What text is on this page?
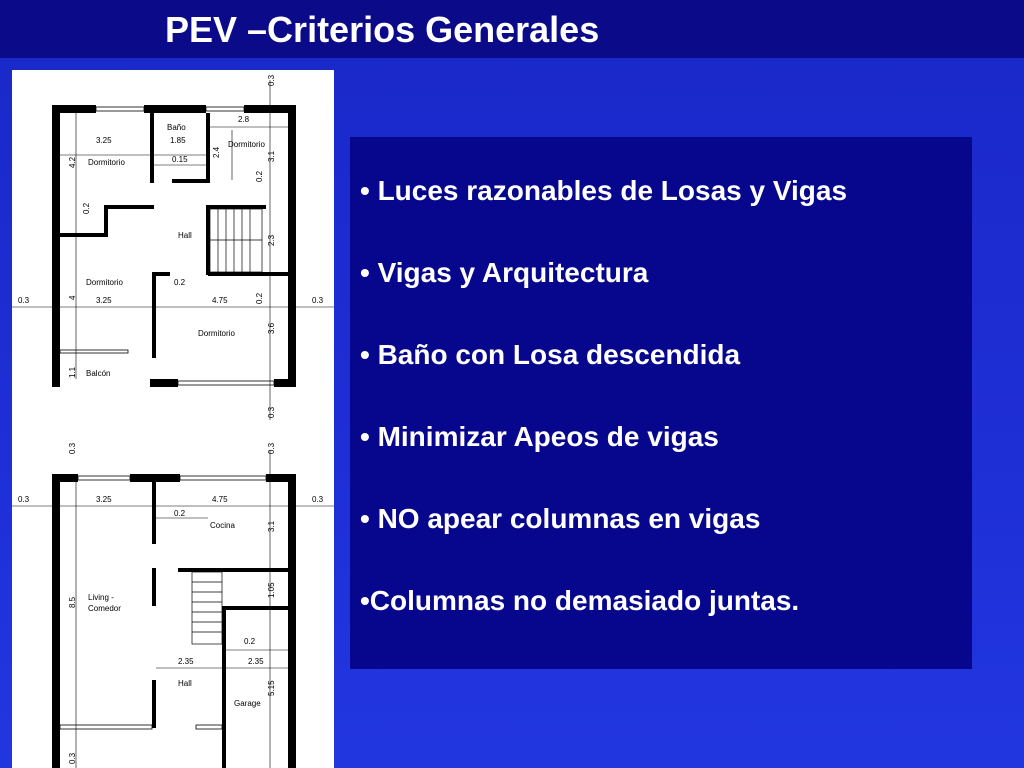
PEV –Criterios Generales
Baño
2.8
3.25	1.85	Dormitorio
Dormitorio	0.15
Hall
Dormitorio	0.2
0.3	3.25	4.75	0.3
Dormitorio
Balcón
0.3
4.2
0.2
2.4	3.1
0.2
2.3
0.2
4
3.6
1.1
0.3
0.3	3.25	4.75	0.3
0.2
Cocina
Living -
Comedor
0.2
2.35	2.35
Hall
Garage
0.3	0.3
3.1
8.5
1.05
5.15
0.3
• Luces razonables de Losas y Vigas
• Vigas y Arquitectura
• Baño con Losa descendida
• Minimizar Apeos de vigas
• NO apear columnas en vigas
•Columnas no demasiado juntas.
